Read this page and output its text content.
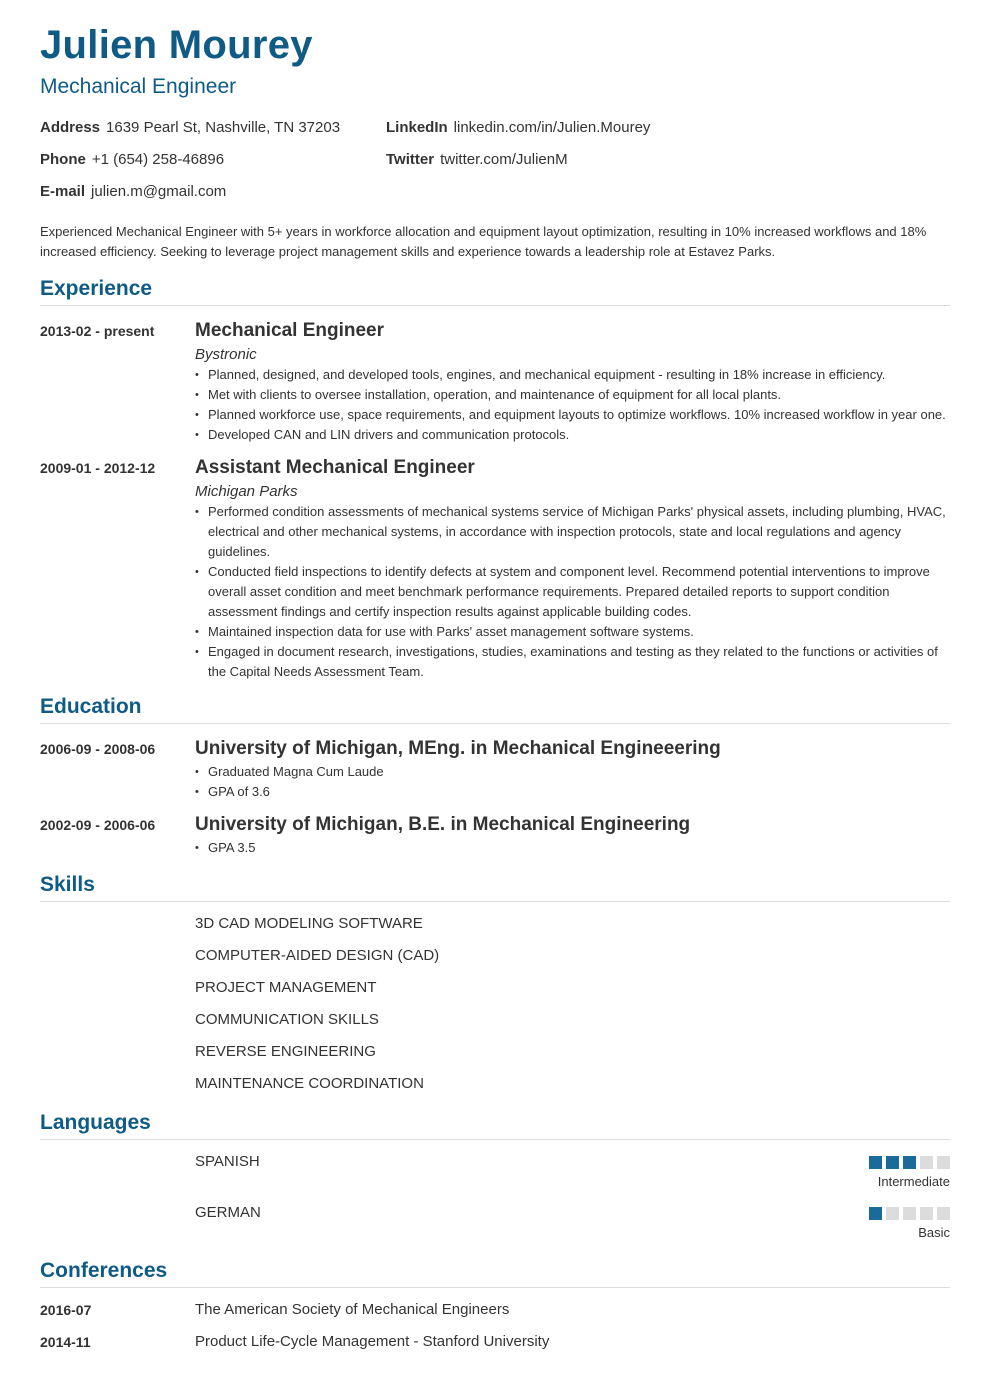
Julien Mourey
Mechanical Engineer
Address 1639 Pearl St, Nashville, TN 37203	LinkedIn linkedin.com/in/Julien.Mourey
Phone +1 (654) 258-46896	Twitter twitter.com/JulienM
E-mail julien.m@gmail.com
Experienced Mechanical Engineer with 5+ years in workforce allocation and equipment layout optimization, resulting in 10% increased workflows and 18% increased efficiency. Seeking to leverage project management skills and experience towards a leadership role at Estavez Parks.
Experience
2013-02 - present	Mechanical Engineer
Bystronic
• Planned, designed, and developed tools, engines, and mechanical equipment - resulting in 18% increase in efficiency.
• Met with clients to oversee installation, operation, and maintenance of equipment for all local plants.
• Planned workforce use, space requirements, and equipment layouts to optimize workflows. 10% increased workflow in year one.
• Developed CAN and LIN drivers and communication protocols.
2009-01 - 2012-12	Assistant Mechanical Engineer
Michigan Parks
• Performed condition assessments of mechanical systems service of Michigan Parks' physical assets, including plumbing, HVAC, electrical and other mechanical systems, in accordance with inspection protocols, state and local regulations and agency guidelines.
• Conducted field inspections to identify defects at system and component level. Recommend potential interventions to improve overall asset condition and meet benchmark performance requirements. Prepared detailed reports to support condition assessment findings and certify inspection results against applicable building codes.
• Maintained inspection data for use with Parks' asset management software systems.
• Engaged in document research, investigations, studies, examinations and testing as they related to the functions or activities of the Capital Needs Assessment Team.
Education
2006-09 - 2008-06	University of Michigan, MEng. in Mechanical Engineeering
• Graduated Magna Cum Laude
• GPA of 3.6
2002-09 - 2006-06	University of Michigan, B.E. in Mechanical Engineering
• GPA 3.5
Skills
3D CAD MODELING SOFTWARE
COMPUTER-AIDED DESIGN (CAD)
PROJECT MANAGEMENT
COMMUNICATION SKILLS
REVERSE ENGINEERING
MAINTENANCE COORDINATION
Languages
SPANISH
Intermediate
GERMAN
Basic
Conferences
2016-07	The American Society of Mechanical Engineers
2014-11	Product Life-Cycle Management - Stanford University
